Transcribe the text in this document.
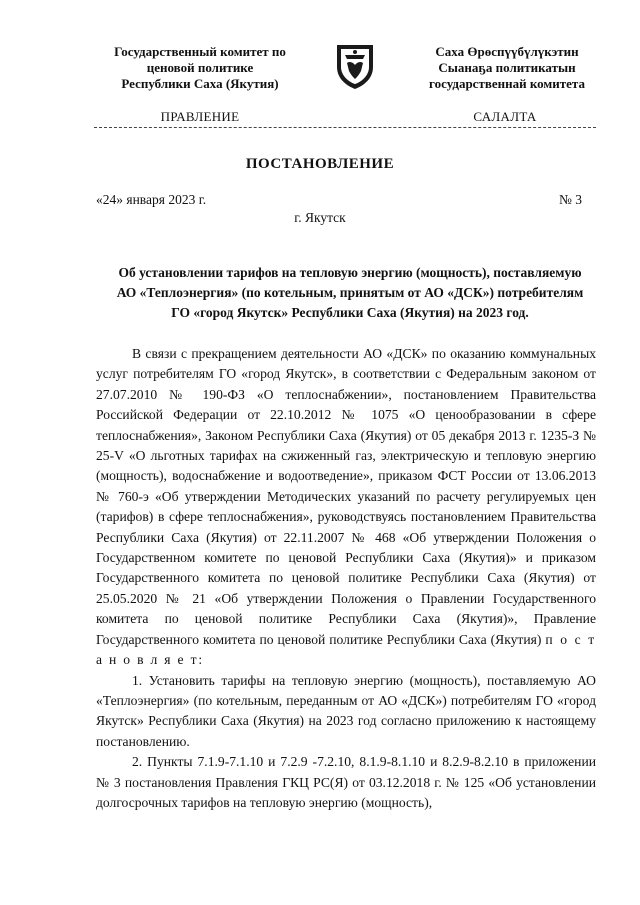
Государственный комитет по
ценовой политике
Республики Саха (Якутия)
Саха Өрөспүүбүлүкэтин
Сыанаҕа политикатын
государственнай комитета
ПРАВЛЕНИЕ	САЛАЛТА
ПОСТАНОВЛЕНИЕ
«24» января 2023 г.	№ 3
г. Якутск
Об установлении тарифов на тепловую энергию (мощность), поставляемую
АО «Теплоэнергия» (по котельным, принятым от АО «ДСК») потребителям
ГО «город Якутск» Республики Саха (Якутия) на 2023 год.

В связи с прекращением деятельности АО «ДСК» по оказанию коммунальных услуг потребителям ГО «город Якутск», в соответствии с Федеральным законом от 27.07.2010 № 190-ФЗ «О теплоснабжении», постановлением Правительства Российской Федерации от 22.10.2012 № 1075 «О ценообразовании в сфере теплоснабжения», Законом Республики Саха (Якутия) от 05 декабря 2013 г. 1235-З № 25-V «О льготных тарифах на сжиженный газ, электрическую и тепловую энергию (мощность), водоснабжение и водоотведение», приказом ФСТ России от 13.06.2013 № 760-э «Об утверждении Методических указаний по расчету регулируемых цен (тарифов) в сфере теплоснабжения», руководствуясь постановлением Правительства Республики Саха (Якутия) от 22.11.2007 № 468 «Об утверждении Положения о Государственном комитете по ценовой Республики Саха (Якутия)» и приказом Государственного комитета по ценовой политике Республики Саха (Якутия) от 25.05.2020 № 21 «Об утверждении Положения о Правлении Государственного комитета по ценовой политике Республики Саха (Якутия)», Правление Государственного комитета по ценовой политике Республики Саха (Якутия) п о с т а н о в л я е т:

1. Установить тарифы на тепловую энергию (мощность), поставляемую АО «Теплоэнергия» (по котельным, переданным от АО «ДСК») потребителям ГО «город Якутск» Республики Саха (Якутия) на 2023 год согласно приложению к настоящему постановлению.

2. Пункты 7.1.9-7.1.10 и 7.2.9 -7.2.10, 8.1.9-8.1.10 и 8.2.9-8.2.10 в приложении № 3 постановления Правления ГКЦ РС(Я) от 03.12.2018 г. № 125 «Об установлении долгосрочных тарифов на тепловую энергию (мощность),
